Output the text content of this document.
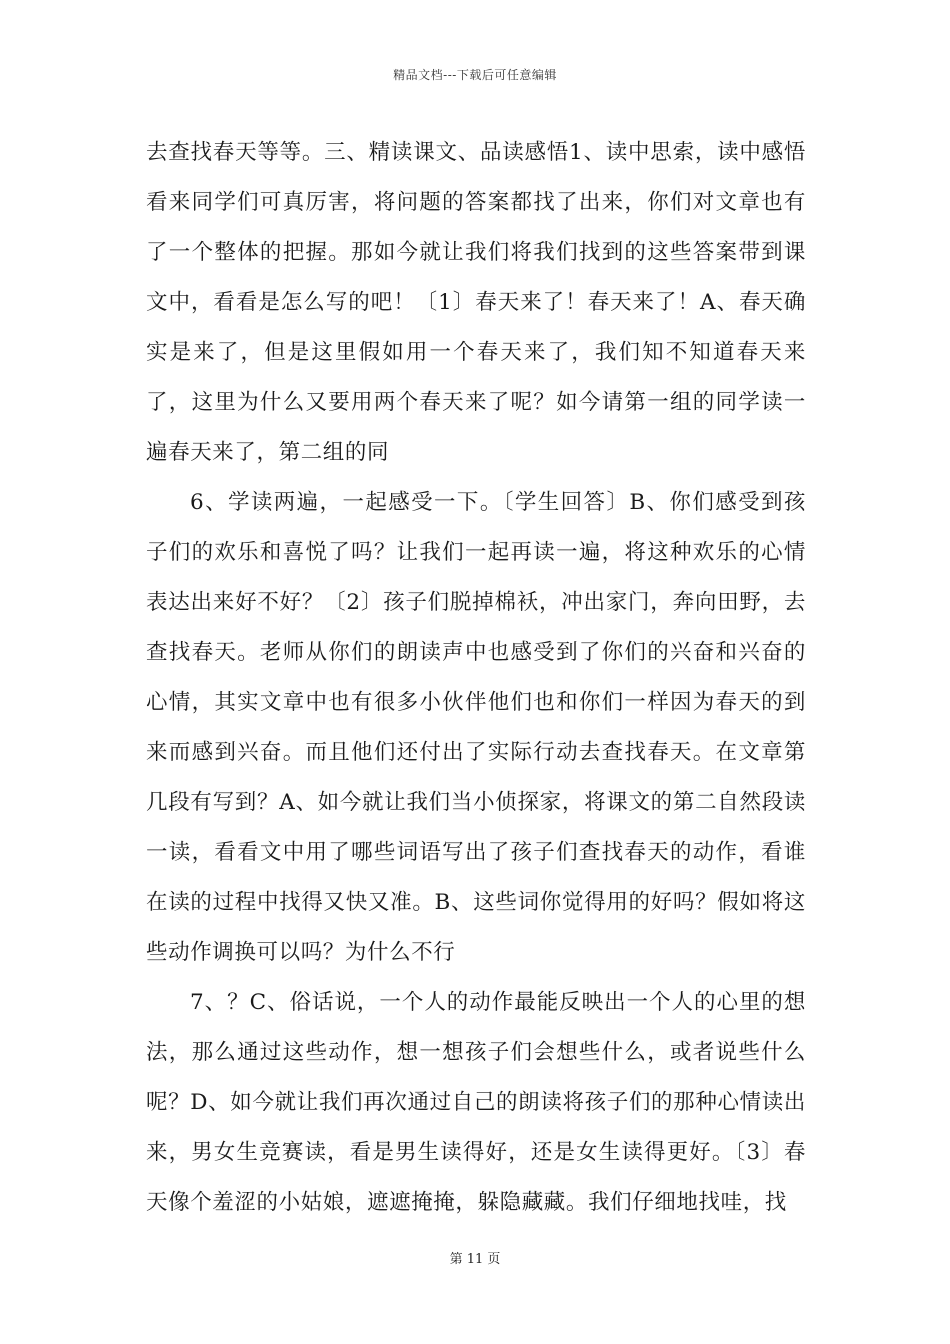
精品文档---下载后可任意编辑

去查找春天等等。三、精读课文、品读感悟1、读中思索，读中感悟看来同学们可真厉害，将问题的答案都找了出来，你们对文章也有了一个整体的把握。那如今就让我们将我们找到的这些答案带到课文中，看看是怎么写的吧！〔1〕春天来了！春天来了！A、春天确实是来了，但是这里假如用一个春天来了，我们知不知道春天来了，这里为什么又要用两个春天来了呢？如今请第一组的同学读一遍春天来了，第二组的同

6、学读两遍，一起感受一下。〔学生回答〕B、你们感受到孩子们的欢乐和喜悦了吗？让我们一起再读一遍，将这种欢乐的心情表达出来好不好？〔2〕孩子们脱掉棉袄，冲出家门，奔向田野，去查找春天。老师从你们的朗读声中也感受到了你们的兴奋和兴奋的心情，其实文章中也有很多小伙伴他们也和你们一样因为春天的到来而感到兴奋。而且他们还付出了实际行动去查找春天。在文章第几段有写到？A、如今就让我们当小侦探家，将课文的第二自然段读一读，看看文中用了哪些词语写出了孩子们查找春天的动作，看谁在读的过程中找得又快又准。B、这些词你觉得用的好吗？假如将这些动作调换可以吗？为什么不行

7、？C、俗话说，一个人的动作最能反映出一个人的心里的想法，那么通过这些动作，想一想孩子们会想些什么，或者说些什么呢？D、如今就让我们再次通过自己的朗读将孩子们的那种心情读出来，男女生竞赛读，看是男生读得好，还是女生读得更好。〔3〕春天像个羞涩的小姑娘，遮遮掩掩，躲隐藏藏。我们仔细地找哇，找

第 11 页
